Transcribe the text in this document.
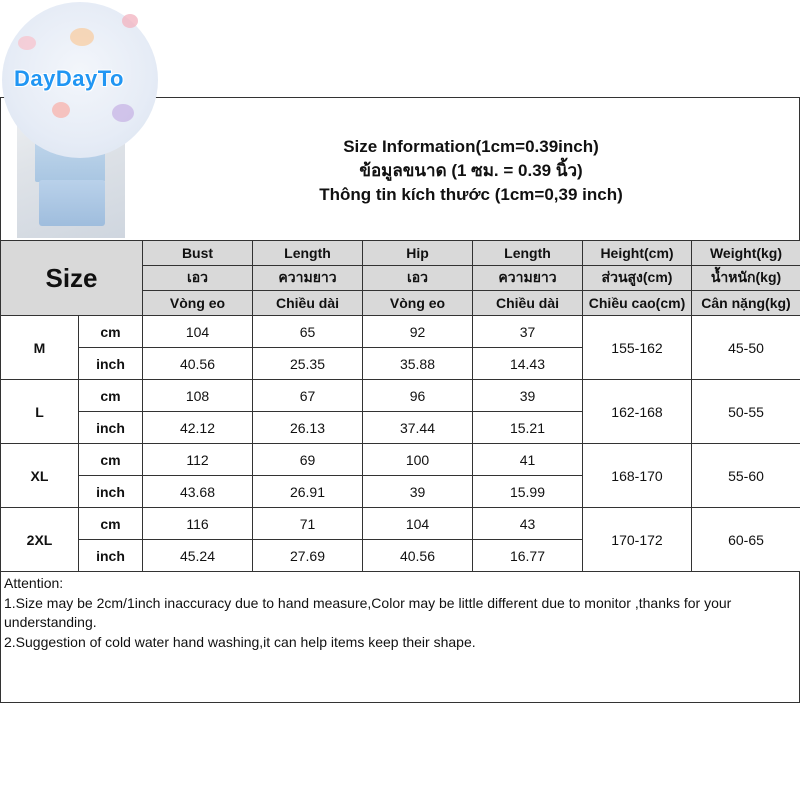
DayDayTo
Size Information(1cm=0.39inch)
ข้อมูลขนาด (1 ซม. = 0.39 นิ้ว)
Thông tin kích thước (1cm=0,39 inch)
Size		Bust	Length	Hip	Length	Height(cm)	Weight(kg)
		เอว	ความยาว	เอว	ความยาว	ส่วนสูง(cm)	น้ำหนัก(kg)
		Vòng eo	Chiều dài	Vòng eo	Chiều dài	Chiều cao(cm)	Cân nặng(kg)
M	cm	104	65	92	37	155-162	45-50
	inch	40.56	25.35	35.88	14.43		
L	cm	108	67	96	39	162-168	50-55
	inch	42.12	26.13	37.44	15.21		
XL	cm	112	69	100	41	168-170	55-60
	inch	43.68	26.91	39	15.99		
2XL	cm	116	71	104	43	170-172	60-65
	inch	45.24	27.69	40.56	16.77		
Attention:
1.Size may be 2cm/1inch inaccuracy due to hand measure,Color may be little different due to monitor ,thanks for your understanding.
2.Suggestion of cold water hand washing,it can help items keep their shape.
